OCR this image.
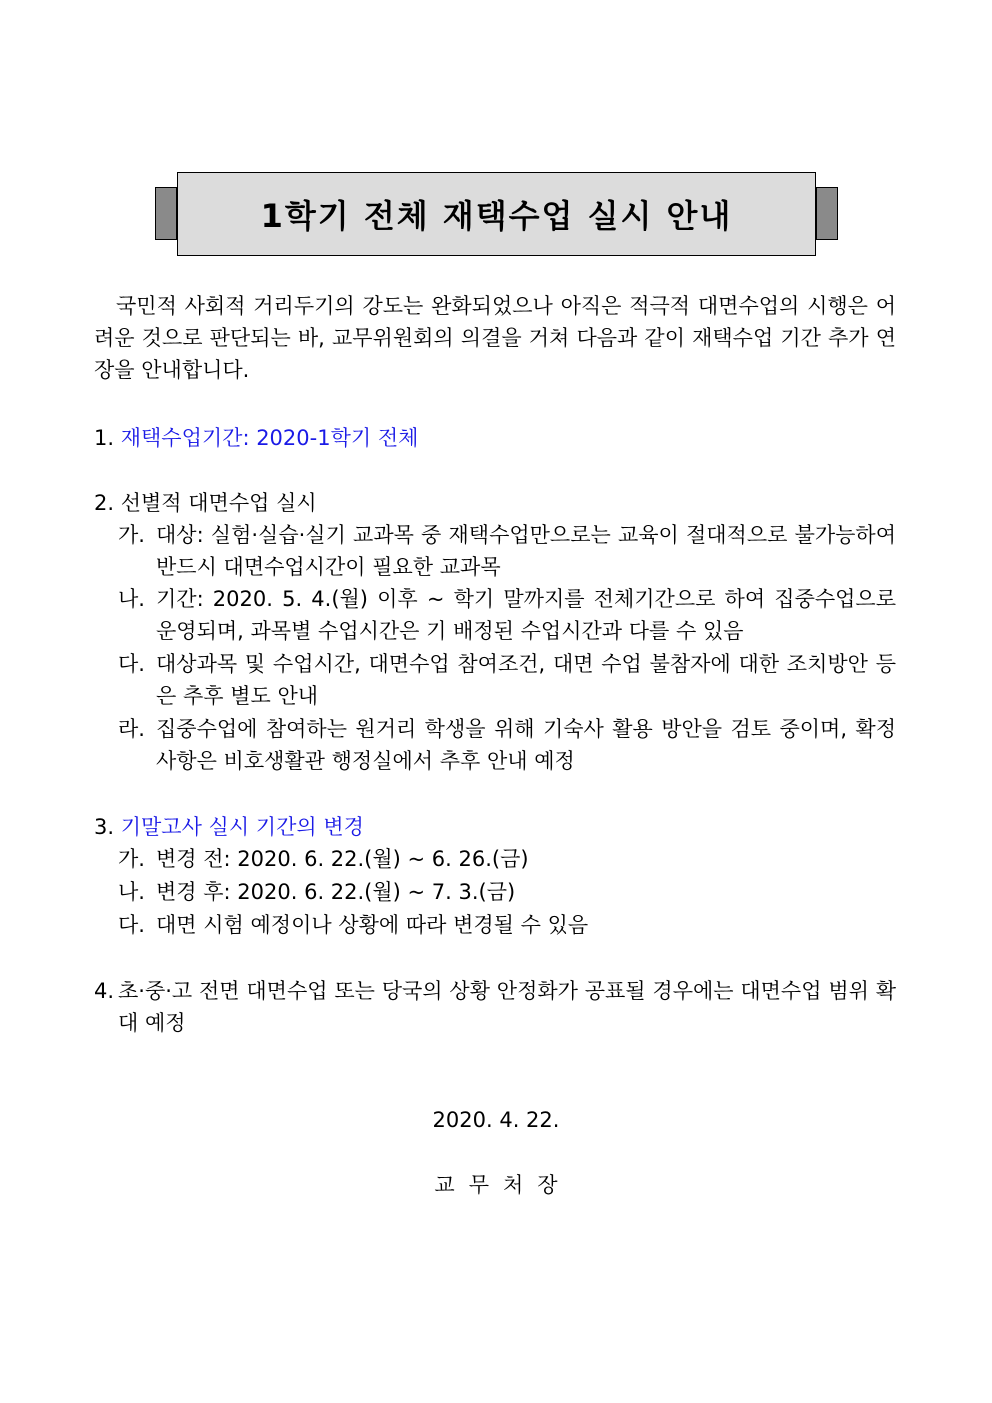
1학기 전체 재택수업 실시 안내
국민적 사회적 거리두기의 강도는 완화되었으나 아직은 적극적 대면수업의 시행은 어려운 것으로 판단되는 바, 교무위원회의 의결을 거쳐 다음과 같이 재택수업 기간 추가 연장을 안내합니다.
1. 재택수업기간: 2020-1학기 전체
2. 선별적 대면수업 실시
가. 대상: 실험·실습·실기 교과목 중 재택수업만으로는 교육이 절대적으로 불가능하여 반드시 대면수업시간이 필요한 교과목
나. 기간: 2020. 5. 4.(월) 이후 ~ 학기 말까지를 전체기간으로 하여 집중수업으로 운영되며, 과목별 수업시간은 기 배정된 수업시간과 다를 수 있음
다. 대상과목 및 수업시간, 대면수업 참여조건, 대면 수업 불참자에 대한 조치방안 등은 추후 별도 안내
라. 집중수업에 참여하는 원거리 학생을 위해 기숙사 활용 방안을 검토 중이며, 확정사항은 비호생활관 행정실에서 추후 안내 예정
3. 기말고사 실시 기간의 변경
가. 변경 전: 2020. 6. 22.(월) ~ 6. 26.(금)
나. 변경 후: 2020. 6. 22.(월) ~ 7. 3.(금)
다. 대면 시험 예정이나 상황에 따라 변경될 수 있음
4. 초·중·고 전면 대면수업 또는 당국의 상황 안정화가 공표될 경우에는 대면수업 범위 확대 예정
2020. 4. 22.
교무처장
